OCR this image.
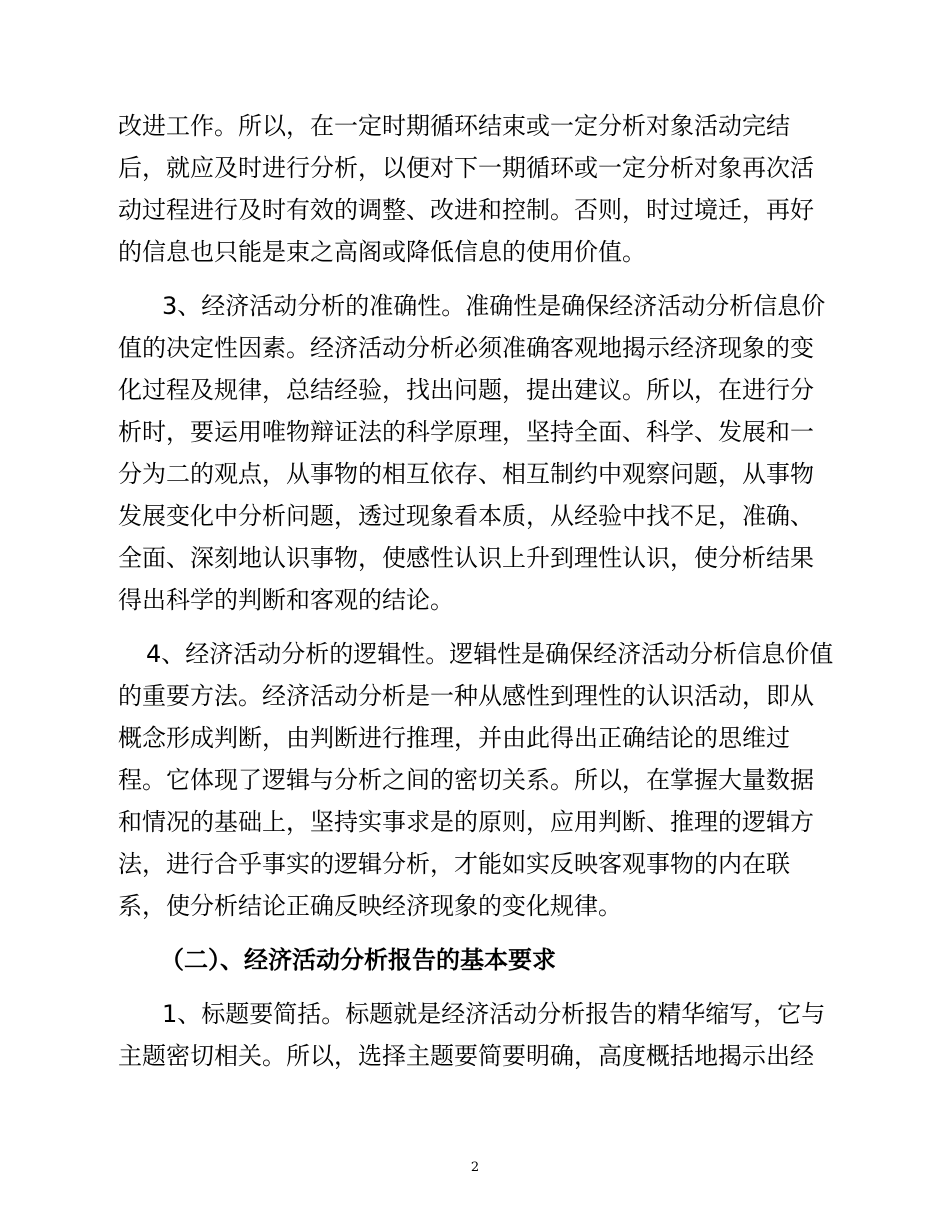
改进工作。所以，在一定时期循环结束或一定分析对象活动完结
后，就应及时进行分析，以便对下一期循环或一定分析对象再次活
动过程进行及时有效的调整、改进和控制。否则，时过境迁，再好
的信息也只能是束之高阁或降低信息的使用价值。
3、经济活动分析的准确性。准确性是确保经济活动分析信息价
值的决定性因素。经济活动分析必须准确客观地揭示经济现象的变
化过程及规律，总结经验，找出问题，提出建议。所以，在进行分
析时，要运用唯物辩证法的科学原理，坚持全面、科学、发展和一
分为二的观点，从事物的相互依存、相互制约中观察问题，从事物
发展变化中分析问题，透过现象看本质，从经验中找不足，准确、
全面、深刻地认识事物，使感性认识上升到理性认识，使分析结果
得出科学的判断和客观的结论。
4、经济活动分析的逻辑性。逻辑性是确保经济活动分析信息价值
的重要方法。经济活动分析是一种从感性到理性的认识活动，即从
概念形成判断，由判断进行推理，并由此得出正确结论的思维过
程。它体现了逻辑与分析之间的密切关系。所以，在掌握大量数据
和情况的基础上，坚持实事求是的原则，应用判断、推理的逻辑方
法，进行合乎事实的逻辑分析，才能如实反映客观事物的内在联
系，使分析结论正确反映经济现象的变化规律。
（二）、经济活动分析报告的基本要求
1、标题要简括。标题就是经济活动分析报告的精华缩写，它与
主题密切相关。所以，选择主题要简要明确，高度概括地揭示出经
2
